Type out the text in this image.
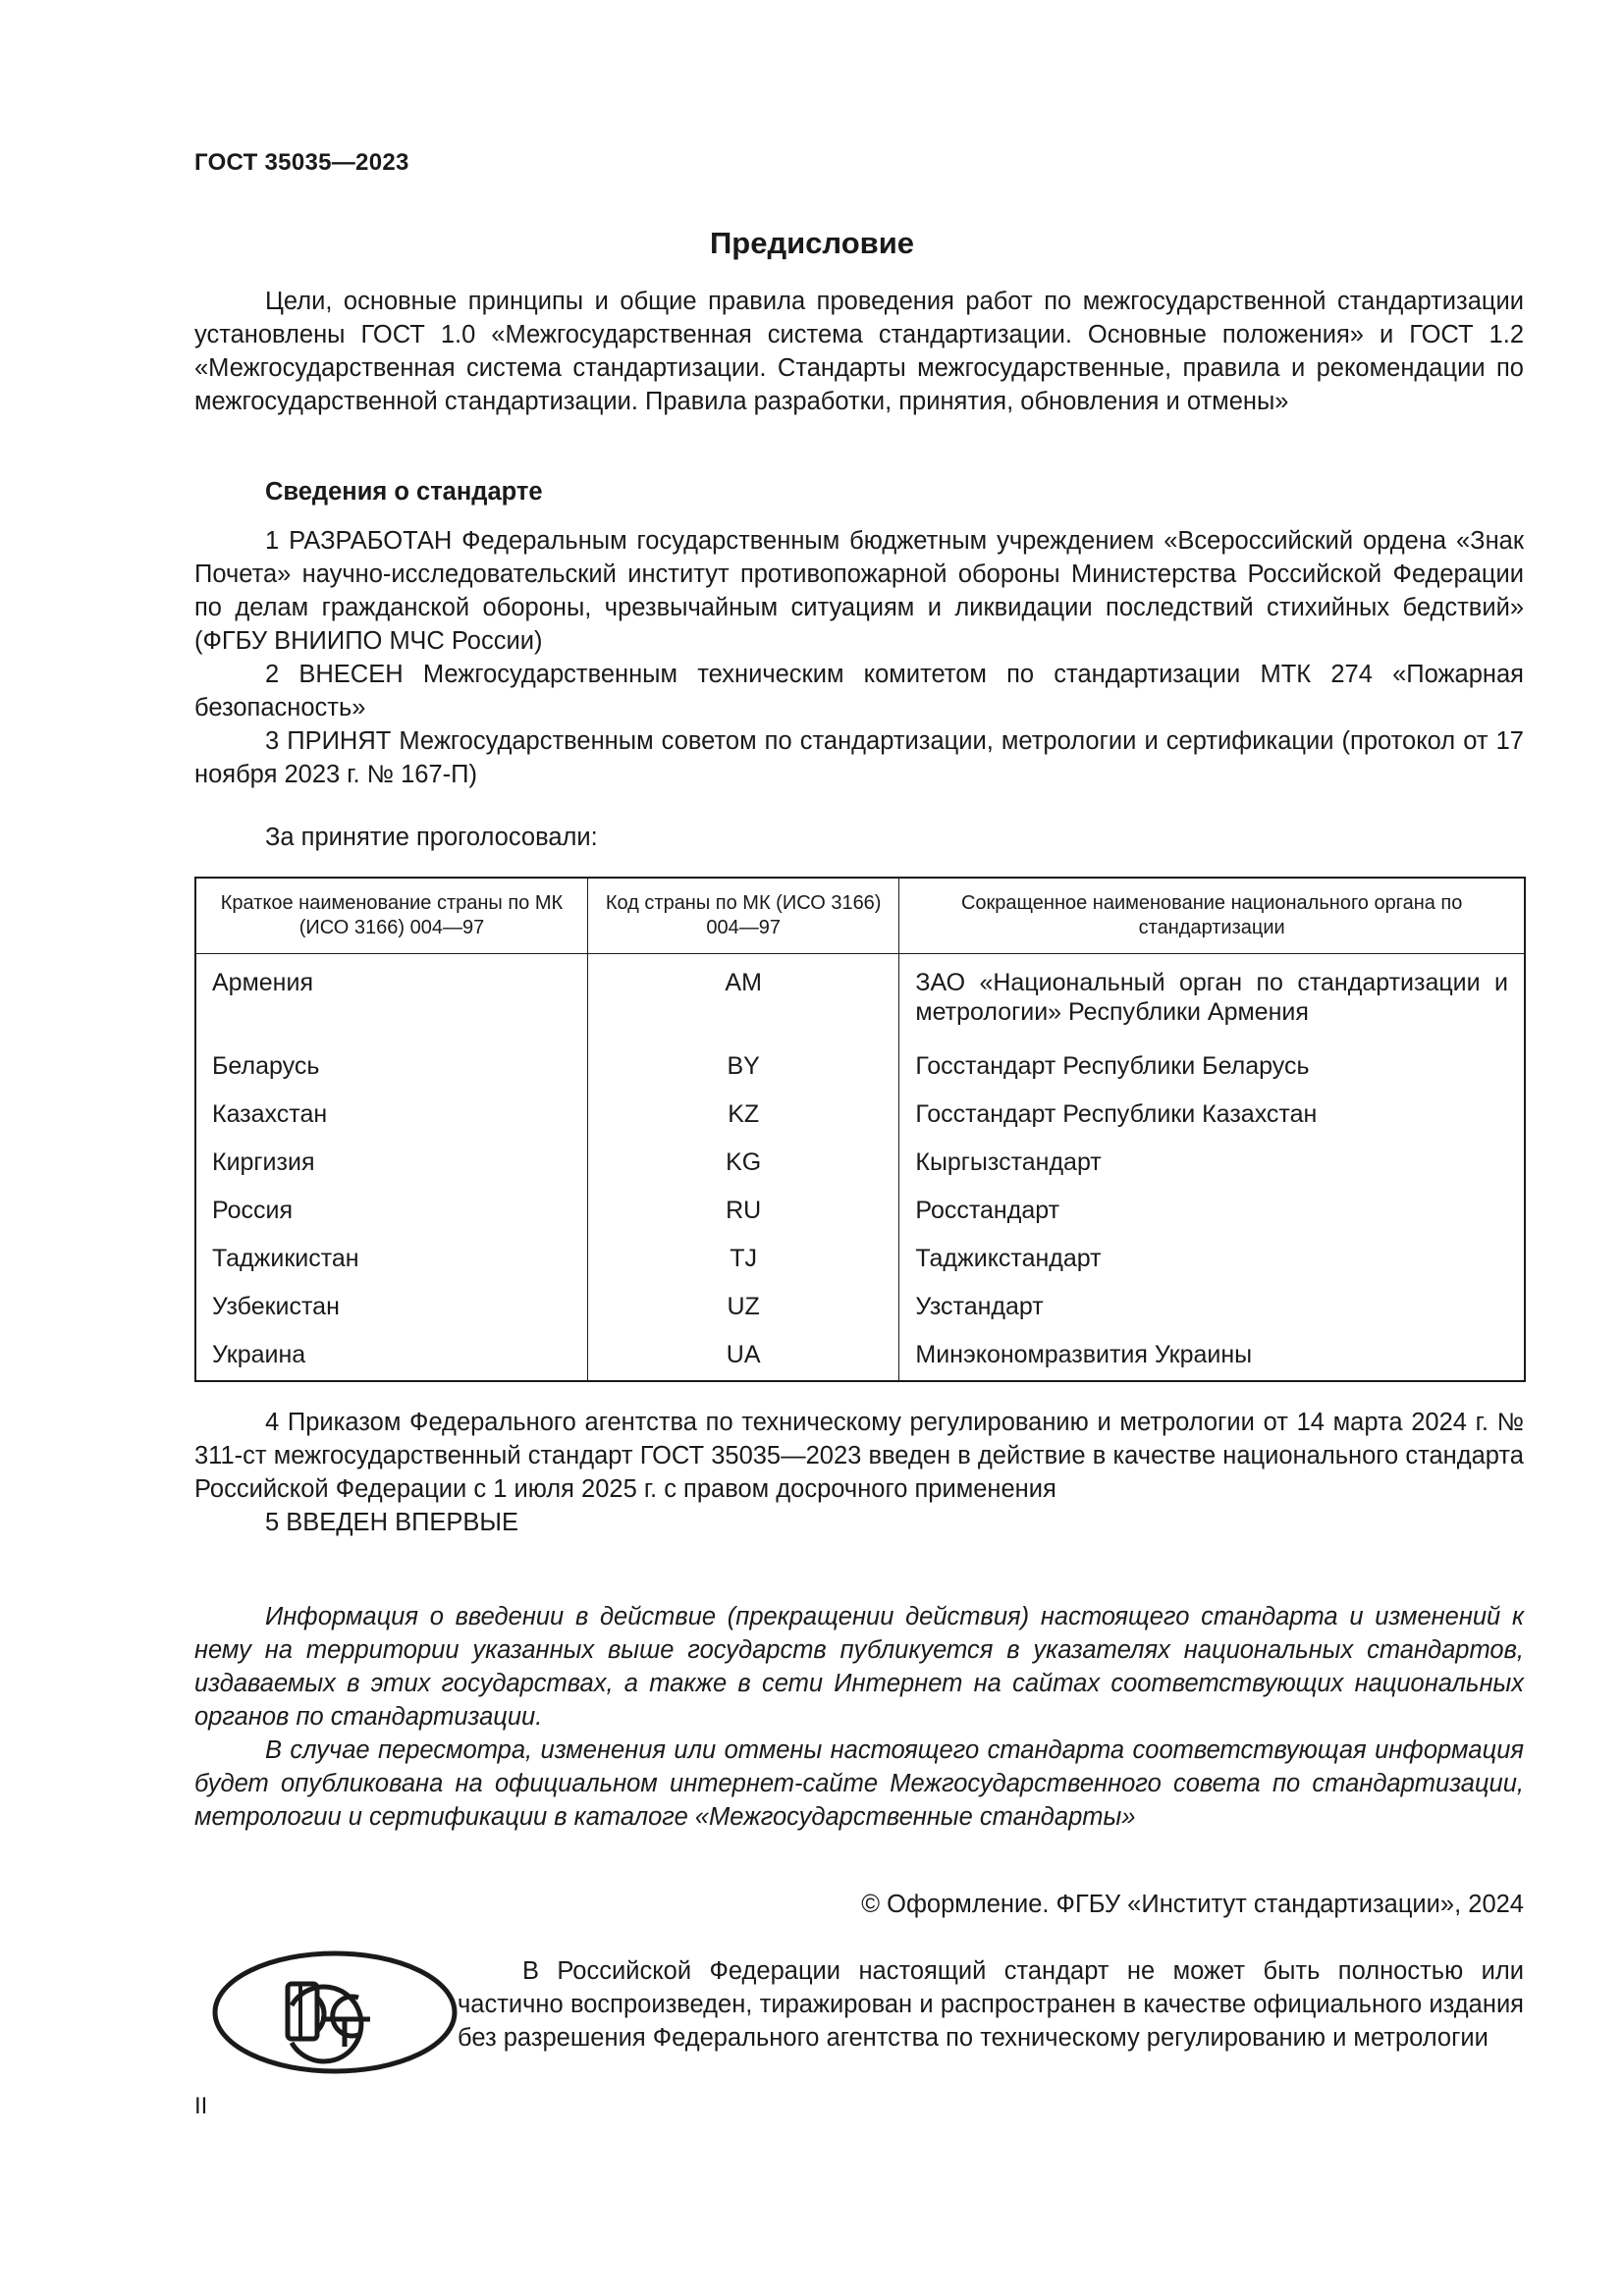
ГОСТ 35035—2023
Предисловие

Цели, основные принципы и общие правила проведения работ по межгосударственной стандартизации установлены ГОСТ 1.0 «Межгосударственная система стандартизации. Основные положения» и ГОСТ 1.2 «Межгосударственная система стандартизации. Стандарты межгосударственные, правила и рекомендации по межгосударственной стандартизации. Правила разработки, принятия, обновления и отмены»

Сведения о стандарте

1 РАЗРАБОТАН Федеральным государственным бюджетным учреждением «Всероссийский ордена «Знак Почета» научно-исследовательский институт противопожарной обороны Министерства Российской Федерации по делам гражданской обороны, чрезвычайным ситуациям и ликвидации последствий стихийных бедствий» (ФГБУ ВНИИПО МЧС России)

2 ВНЕСЕН Межгосударственным техническим комитетом по стандартизации МТК 274 «Пожарная безопасность»

3 ПРИНЯТ Межгосударственным советом по стандартизации, метрологии и сертификации (протокол от 17 ноября 2023 г. № 167-П)

За принятие проголосовали:

Краткое наименование страны по МК (ИСО 3166) 004—97	Код страны по МК (ИСО 3166) 004—97	Сокращенное наименование национального органа по стандартизации
Армения	AM	ЗАО «Национальный орган по стандартизации и метрологии» Республики Армения
Беларусь	BY	Госстандарт Республики Беларусь
Казахстан	KZ	Госстандарт Республики Казахстан
Киргизия	KG	Кыргызстандарт
Россия	RU	Росстандарт
Таджикистан	TJ	Таджикстандарт
Узбекистан	UZ	Узстандарт
Украина	UA	Минэкономразвития Украины

4 Приказом Федерального агентства по техническому регулированию и метрологии от 14 марта 2024 г. № 311-ст межгосударственный стандарт ГОСТ 35035—2023 введен в действие в качестве национального стандарта Российской Федерации с 1 июля 2025 г. с правом досрочного применения

5 ВВЕДЕН ВПЕРВЫЕ

Информация о введении в действие (прекращении действия) настоящего стандарта и изменений к нему на территории указанных выше государств публикуется в указателях национальных стандартов, издаваемых в этих государствах, а также в сети Интернет на сайтах соответствующих национальных органов по стандартизации.

В случае пересмотра, изменения или отмены настоящего стандарта соответствующая информация будет опубликована на официальном интернет-сайте Межгосударственного совета по стандартизации, метрологии и сертификации в каталоге «Межгосударственные стандарты»

© Оформление. ФГБУ «Институт стандартизации», 2024

В Российской Федерации настоящий стандарт не может быть полностью или частично воспроизведен, тиражирован и распространен в качестве официального издания без разрешения Федерального агентства по техническому регулированию и метрологии

II
